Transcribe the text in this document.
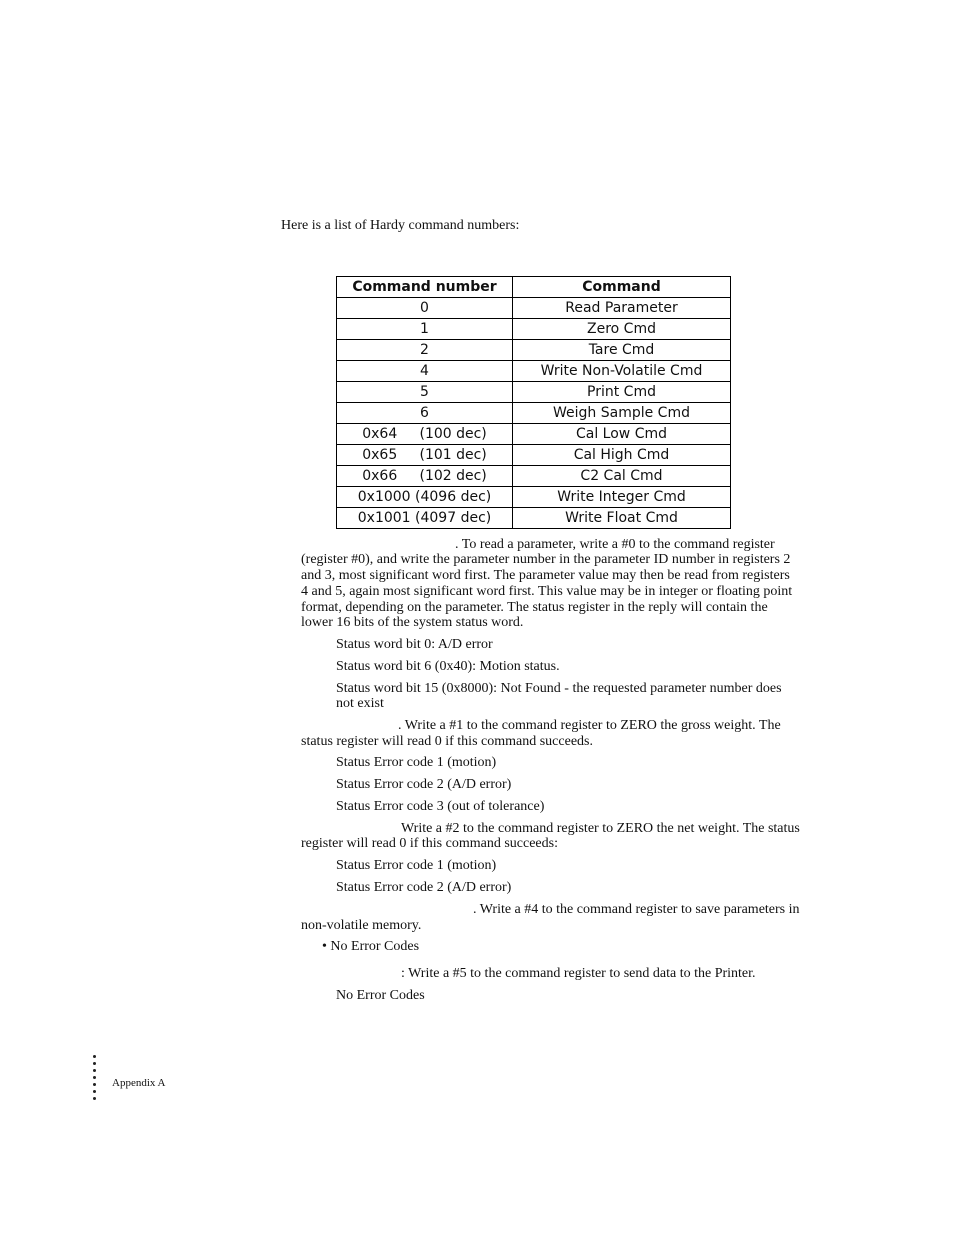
Here is a list of Hardy command numbers:
Command number	Command
0	Read Parameter
1	Zero Cmd
2	Tare Cmd
4	Write Non-Volatile Cmd
5	Print Cmd
6	Weigh Sample Cmd
0x64     (100 dec)	Cal Low Cmd
0x65     (101 dec)	Cal High Cmd
0x66     (102 dec)	C2 Cal Cmd
0x1000 (4096 dec)	Write Integer Cmd
0x1001 (4097 dec)	Write Float Cmd
. To read a parameter, write a #0 to the command register
(register #0), and write the parameter number in the parameter ID number in registers 2
and 3, most significant word first. The parameter value may then be read from registers
4 and 5, again most significant word first. This value may be in integer or floating point
format, depending on the parameter. The status register in the reply will contain the
lower 16 bits of the system status word.
Status word bit 0: A/D error
Status word bit 6 (0x40): Motion status.
Status word bit 15 (0x8000): Not Found - the requested parameter number does
not exist
. Write a #1 to the command register to ZERO the gross weight. The
status register will read 0 if this command succeeds.
Status Error code 1 (motion)
Status Error code 2 (A/D error)
Status Error code 3 (out of tolerance)
Write a #2 to the command register to ZERO the net weight. The status
register will read 0 if this command succeeds:
Status Error code 1 (motion)
Status Error code 2 (A/D error)
. Write a #4 to the command register to save parameters in
non-volatile memory.
• No Error Codes
: Write a #5 to the command register to send data to the Printer.
No Error Codes
Appendix A
